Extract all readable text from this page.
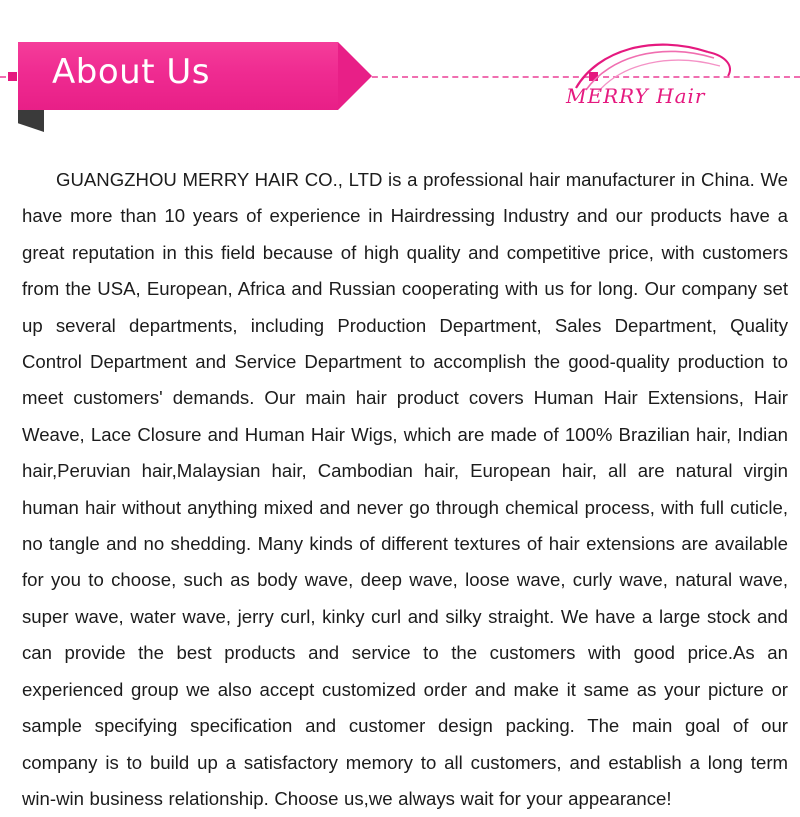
About Us
MERRY Hair

GUANGZHOU MERRY HAIR CO., LTD is a professional hair manufacturer in China. We have more than 10 years of experience in Hairdressing Industry and our products have a great reputation in this field because of high quality and competitive price, with customers from the USA, European, Africa and Russian cooperating with us for long. Our company set up several departments, including Production Department, Sales Department, Quality Control Department and Service Department to accomplish the good-quality production to meet customers' demands. Our main hair product covers Human Hair Extensions, Hair Weave, Lace Closure and Human Hair Wigs, which are made of 100% Brazilian hair, Indian hair,Peruvian hair,Malaysian hair, Cambodian hair, European hair, all are natural virgin human hair without anything mixed and never go through chemical process, with full cuticle, no tangle and no shedding. Many kinds of different textures of hair extensions are available for you to choose, such as body wave, deep wave, loose wave, curly wave, natural wave, super wave, water wave, jerry curl, kinky curl and silky straight. We have a large stock and can provide the best products and service to the customers with good price.As an experienced group we also accept customized order and make it same as your picture or sample specifying specification and customer design packing. The main goal of our company is to build up a satisfactory memory to all customers, and establish a long term win-win business relationship. Choose us,we always wait for your appearance!
